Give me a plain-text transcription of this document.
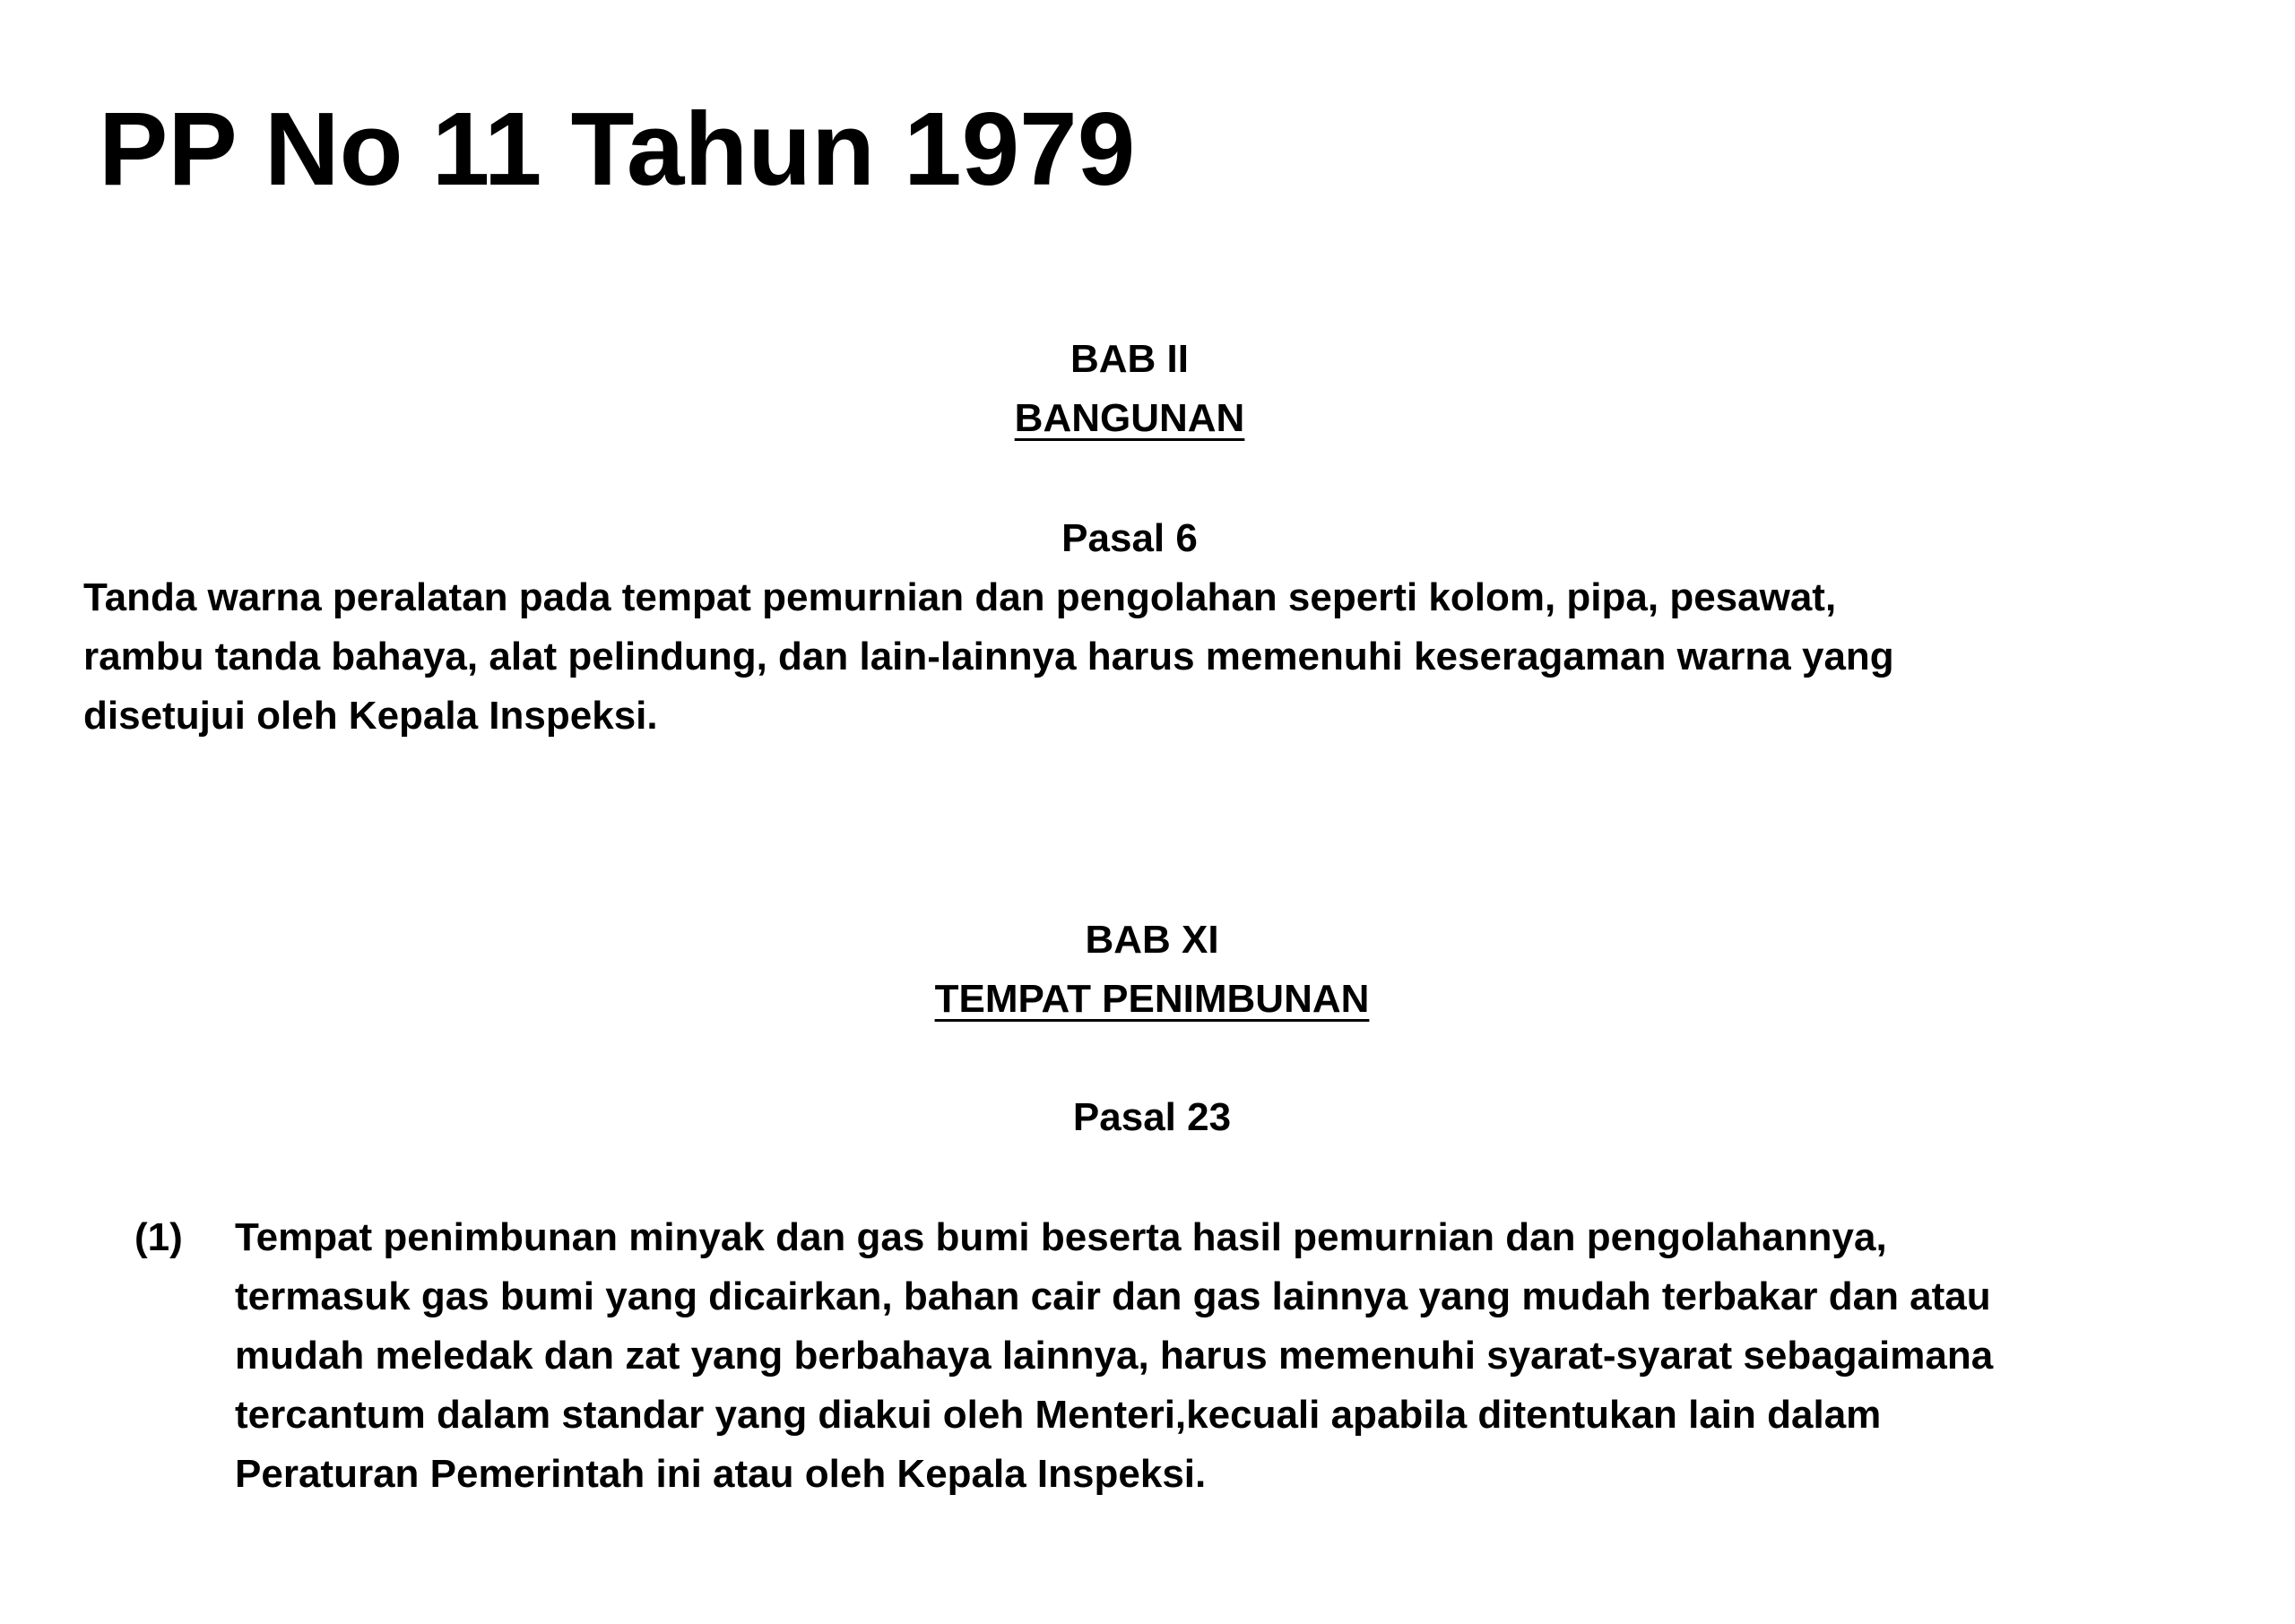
PP No 11 Tahun 1979
BAB II
BANGUNAN
Pasal 6
Tanda warna peralatan pada tempat pemurnian dan pengolahan seperti kolom, pipa, pesawat,
rambu tanda bahaya, alat pelindung, dan lain-lainnya harus memenuhi keseragaman warna yang
disetujui oleh Kepala Inspeksi.
BAB XI
TEMPAT PENIMBUNAN
Pasal 23
(1) Tempat penimbunan minyak dan gas bumi beserta hasil pemurnian dan pengolahannya,
termasuk gas bumi yang dicairkan, bahan cair dan gas lainnya yang mudah terbakar dan atau
mudah meledak dan zat yang berbahaya lainnya, harus memenuhi syarat-syarat sebagaimana
tercantum dalam standar yang diakui oleh Menteri,kecuali apabila ditentukan lain dalam
Peraturan Pemerintah ini atau oleh Kepala Inspeksi.
